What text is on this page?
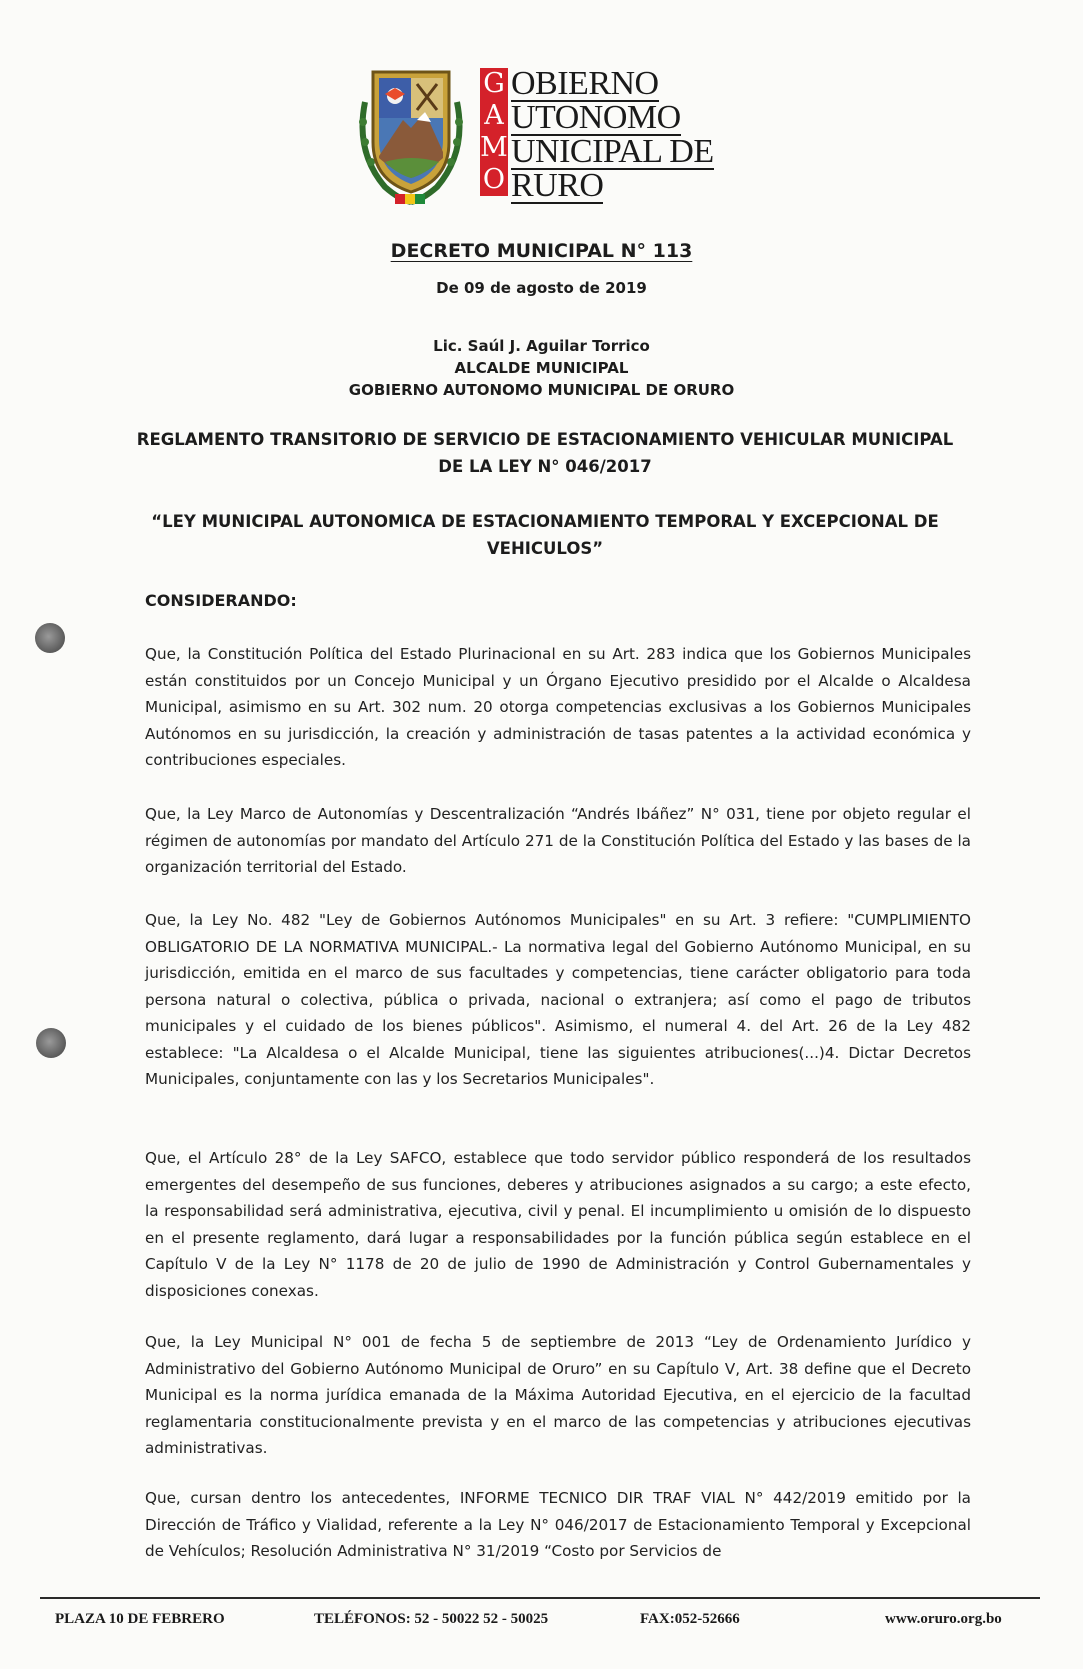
G
A
M
O
OBIERNO
UTONOMO
UNICIPAL DE
RURO
DECRETO MUNICIPAL N° 113
De 09 de agosto de 2019
Lic. Saúl J. Aguilar Torrico
ALCALDE MUNICIPAL
GOBIERNO AUTONOMO MUNICIPAL DE ORURO
REGLAMENTO TRANSITORIO DE SERVICIO DE ESTACIONAMIENTO VEHICULAR MUNICIPAL DE LA LEY N° 046/2017
“LEY MUNICIPAL AUTONOMICA DE ESTACIONAMIENTO TEMPORAL Y EXCEPCIONAL DE VEHICULOS”
CONSIDERANDO:
Que, la Constitución Política del Estado Plurinacional en su Art. 283 indica que los Gobiernos Municipales están constituidos por un Concejo Municipal y un Órgano Ejecutivo presidido por el Alcalde o Alcaldesa Municipal, asimismo en su Art. 302 num. 20 otorga competencias exclusivas a los Gobiernos Municipales Autónomos en su jurisdicción, la creación y administración de tasas patentes a la actividad económica y contribuciones especiales.
Que, la Ley Marco de Autonomías y Descentralización “Andrés Ibáñez” N° 031, tiene por objeto regular el régimen de autonomías por mandato del Artículo 271 de la Constitución Política del Estado y las bases de la organización territorial del Estado.
Que, la Ley No. 482 "Ley de Gobiernos Autónomos Municipales" en su Art. 3 refiere: "CUMPLIMIENTO OBLIGATORIO DE LA NORMATIVA MUNICIPAL.- La normativa legal del Gobierno Autónomo Municipal, en su jurisdicción, emitida en el marco de sus facultades y competencias, tiene carácter obligatorio para toda persona natural o colectiva, pública o privada, nacional o extranjera; así como el pago de tributos municipales y el cuidado de los bienes públicos". Asimismo, el numeral 4. del Art. 26 de la Ley 482 establece: "La Alcaldesa o el Alcalde Municipal, tiene las siguientes atribuciones(...)4. Dictar Decretos Municipales, conjuntamente con las y los Secretarios Municipales".
Que, el Artículo 28° de la Ley SAFCO, establece que todo servidor público responderá de los resultados emergentes del desempeño de sus funciones, deberes y atribuciones asignados a su cargo; a este efecto, la responsabilidad será administrativa, ejecutiva, civil y penal. El incumplimiento u omisión de lo dispuesto en el presente reglamento, dará lugar a responsabilidades por la función pública según establece en el Capítulo V de la Ley N° 1178 de 20 de julio de 1990 de Administración y Control Gubernamentales y disposiciones conexas.
Que, la Ley Municipal N° 001 de fecha 5 de septiembre de 2013 “Ley de Ordenamiento Jurídico y Administrativo del Gobierno Autónomo Municipal de Oruro” en su Capítulo V, Art. 38 define que el Decreto Municipal es la norma jurídica emanada de la Máxima Autoridad Ejecutiva, en el ejercicio de la facultad reglamentaria constitucionalmente prevista y en el marco de las competencias y atribuciones ejecutivas administrativas.
Que, cursan dentro los antecedentes, INFORME TECNICO DIR TRAF VIAL N° 442/2019 emitido por la Dirección de Tráfico y Vialidad, referente a la Ley N° 046/2017 de Estacionamiento Temporal y Excepcional de Vehículos; Resolución Administrativa N° 31/2019 “Costo por Servicios de
PLAZA 10 DE FEBRERO	TELÉFONOS: 52 - 50022 52 - 50025	FAX:052-52666	www.oruro.org.bo
